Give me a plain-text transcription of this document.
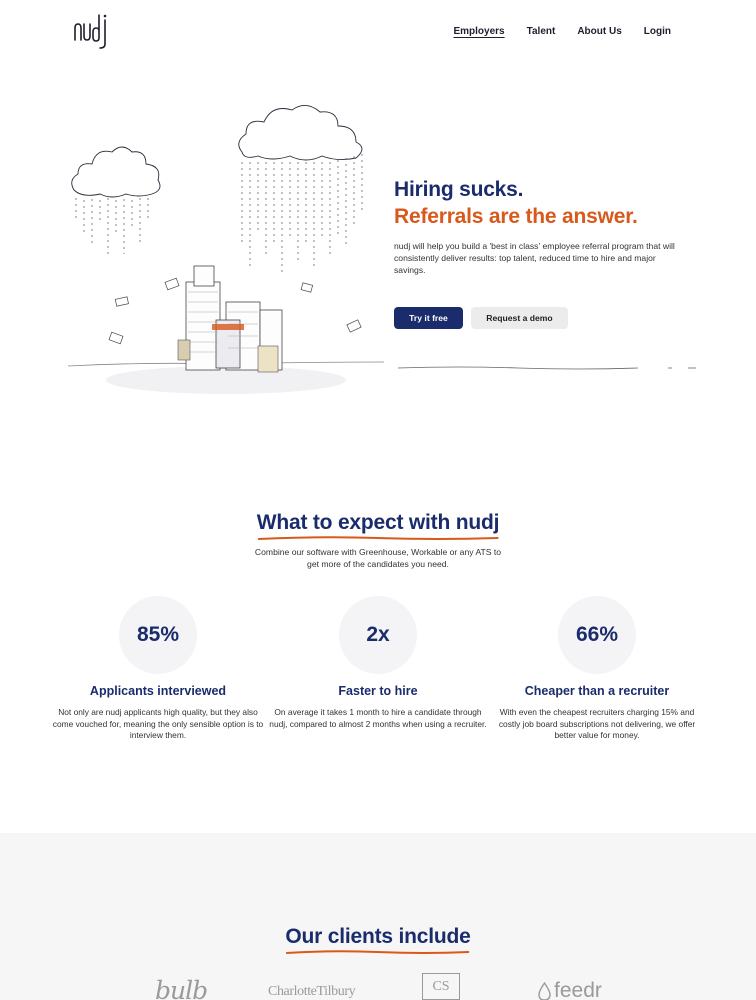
Employers Talent About Us Login
Hiring sucks.
Referrals are the answer.

nudj will help you build a 'best in class' employee referral program that will consistently deliver results: top talent, reduced time to hire and major savings.

Try it free	Request a demo
What to expect with nudj

Combine our software with Greenhouse, Workable or any ATS to
get more of the candidates you need.

85%
Applicants interviewed

Not only are nudj applicants high quality, but they also come vouched for, meaning the only sensible option is to interview them.

2x
Faster to hire

On average it takes 1 month to hire a candidate through nudj, compared to almost 2 months when using a recruiter.

66%
Cheaper than a recruiter

With even the cheapest recruiters charging 15% and costly job board subscriptions not delivering, we offer better value for money.

Our clients include
bulb	CharlotteTilbury	CS	feedr
